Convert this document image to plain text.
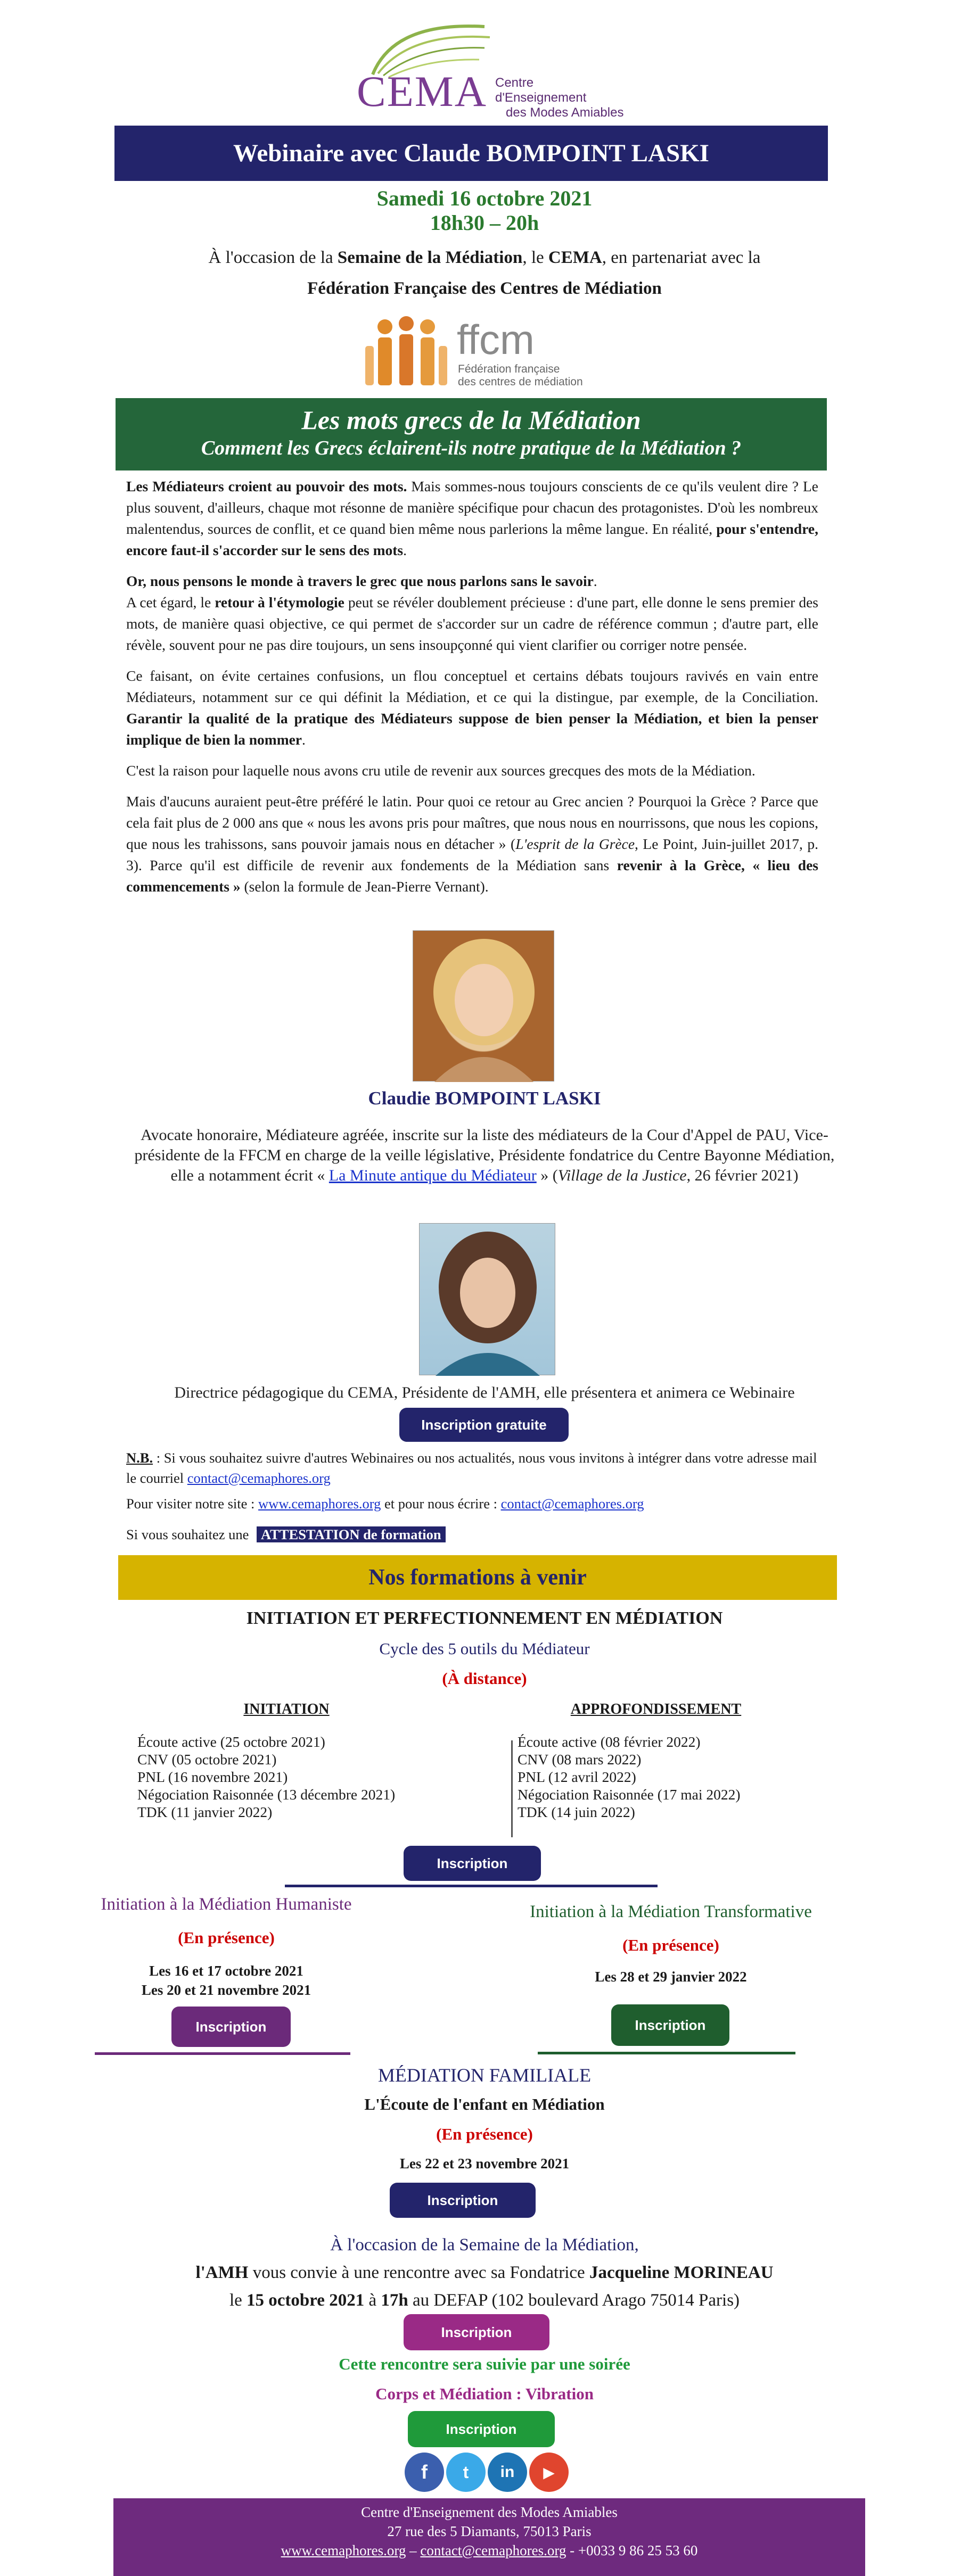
CEMA Centre d'Enseignement
des Modes Amiables
Webinaire avec Claude BOMPOINT LASKI
Samedi 16 octobre 2021
18h30 – 20h
À l'occasion de la Semaine de la Médiation, le CEMA, en partenariat avec la
Fédération Française des Centres de Médiation
ffcm
Fédération française
des centres de médiation
Les mots grecs de la Médiation
Comment les Grecs éclairent-ils notre pratique de la Médiation ?

Les Médiateurs croient au pouvoir des mots. Mais sommes-nous toujours conscients de ce qu'ils veulent dire ? Le plus souvent, d'ailleurs, chaque mot résonne de manière spécifique pour chacun des protagonistes. D'où les nombreux malentendus, sources de conflit, et ce quand bien même nous parlerions la même langue. En réalité, pour s'entendre, encore faut-il s'accorder sur le sens des mots.

Or, nous pensons le monde à travers le grec que nous parlons sans le savoir.
A cet égard, le retour à l'étymologie peut se révéler doublement précieuse : d'une part, elle donne le sens premier des mots, de manière quasi objective, ce qui permet de s'accorder sur un cadre de référence commun ; d'autre part, elle révèle, souvent pour ne pas dire toujours, un sens insoupçonné qui vient clarifier ou corriger notre pensée.

Ce faisant, on évite certaines confusions, un flou conceptuel et certains débats toujours ravivés en vain entre Médiateurs, notamment sur ce qui définit la Médiation, et ce qui la distingue, par exemple, de la Conciliation. Garantir la qualité de la pratique des Médiateurs suppose de bien penser la Médiation, et bien la penser implique de bien la nommer.

C'est la raison pour laquelle nous avons cru utile de revenir aux sources grecques des mots de la Médiation.

Mais d'aucuns auraient peut-être préféré le latin. Pour quoi ce retour au Grec ancien ? Pourquoi la Grèce ? Parce que cela fait plus de 2 000 ans que « nous les avons pris pour maîtres, que nous nous en nourrissons, que nous les copions, que nous les trahissons, sans pouvoir jamais nous en détacher » (L'esprit de la Grèce, Le Point, Juin-juillet 2017, p. 3). Parce qu'il est difficile de revenir aux fondements de la Médiation sans revenir à la Grèce, « lieu des commencements » (selon la formule de Jean-Pierre Vernant).

Claudie BOMPOINT LASKI
Avocate honoraire, Médiateure agréée, inscrite sur la liste des médiateurs de la Cour d'Appel de PAU, Vice-présidente de la FFCM en charge de la veille législative, Présidente fondatrice du Centre Bayonne Médiation, elle a notamment écrit « La Minute antique du Médiateur » (Village de la Justice, 26 février 2021)
Directrice pédagogique du CEMA, Présidente de l'AMH, elle présentera et animera ce Webinaire
Inscription gratuite
N.B. : Si vous souhaitez suivre d'autres Webinaires ou nos actualités, nous vous invitons à intégrer dans votre adresse mail le courriel contact@cemaphores.org
Pour visiter notre site : www.cemaphores.org et pour nous écrire : contact@cemaphores.org
Si vous souhaitez une ATTESTATION de formation
Nos formations à venir
INITIATION ET PERFECTIONNEMENT EN MÉDIATION
Cycle des 5 outils du Médiateur
(À distance)
INITIATION
Écoute active (25 octobre 2021)
CNV (05 octobre 2021)
PNL (16 novembre 2021)
Négociation Raisonnée (13 décembre 2021)
TDK (11 janvier 2022)
APPROFONDISSEMENT
Écoute active (08 février 2022)
CNV (08 mars 2022)
PNL (12 avril 2022)
Négociation Raisonnée (17 mai 2022)
TDK (14 juin 2022)
Inscription
Initiation à la Médiation Humaniste
(En présence)
Les 16 et 17 octobre 2021
Les 20 et 21 novembre 2021
Inscription
Initiation à la Médiation Transformative
(En présence)
Les 28 et 29 janvier 2022
Inscription
MÉDIATION FAMILIALE
L'Écoute de l'enfant en Médiation
(En présence)
Les 22 et 23 novembre 2021
Inscription
À l'occasion de la Semaine de la Médiation,
l'AMH vous convie à une rencontre avec sa Fondatrice Jacqueline MORINEAU
le 15 octobre 2021 à 17h au DEFAP (102 boulevard Arago 75014 Paris)
Inscription
Cette rencontre sera suivie par une soirée
Corps et Médiation : Vibration
Inscription
f	t	in	▶
Centre d'Enseignement des Modes Amiables
27 rue des 5 Diamants, 75013 Paris
www.cemaphores.org – contact@cemaphores.org - +0033 9 86 25 53 60
